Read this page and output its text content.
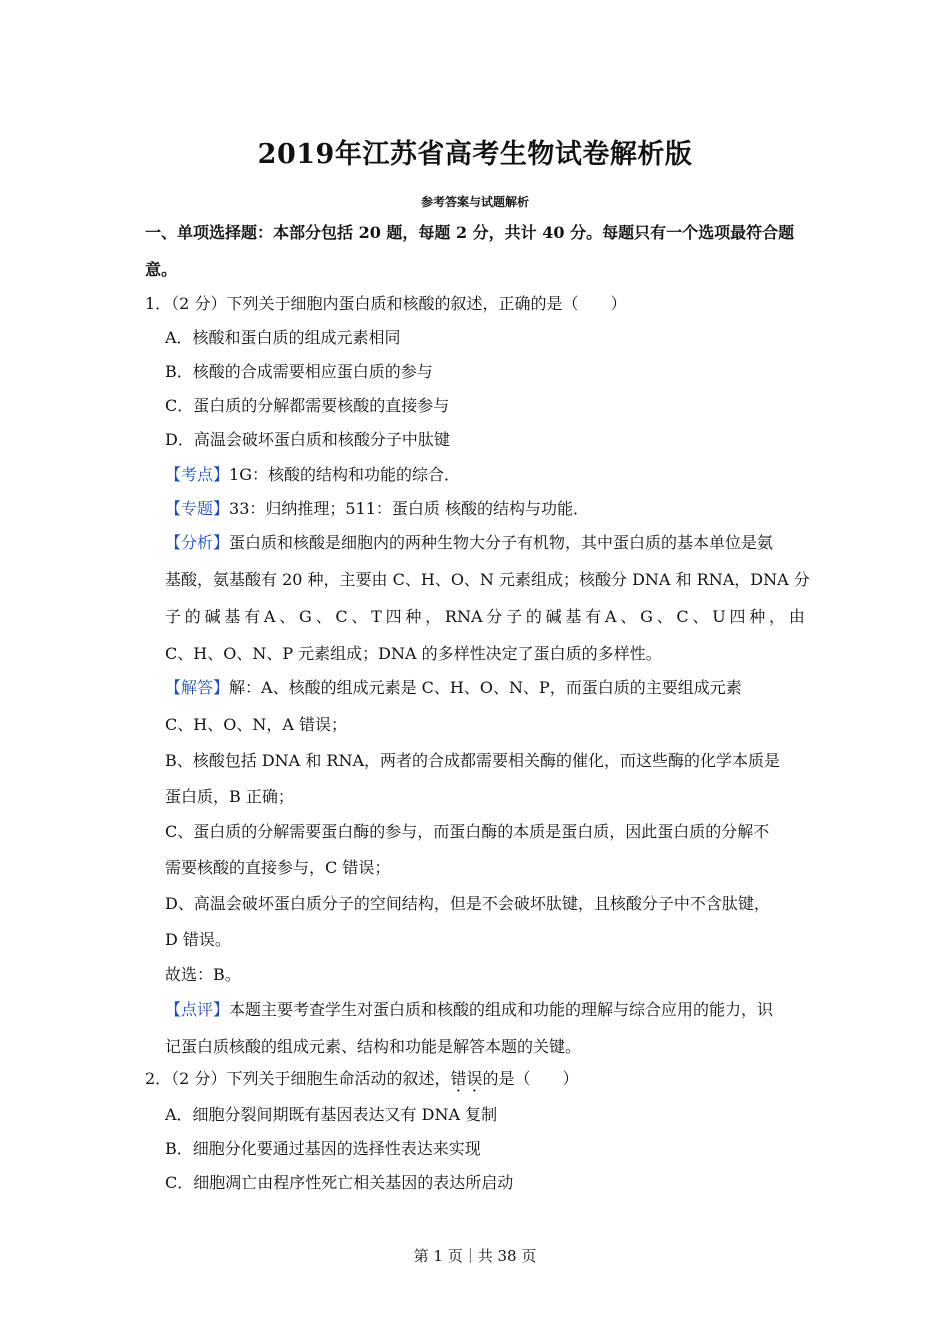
2019年江苏省高考生物试卷解析版
参考答案与试题解析
一、单项选择题：本部分包括 20 题，每题 2 分，共计 40 分。每题只有一个选项最符合题
意。
1．（2 分）下列关于细胞内蛋白质和核酸的叙述，正确的是（　　）
A．核酸和蛋白质的组成元素相同
B．核酸的合成需要相应蛋白质的参与
C．蛋白质的分解都需要核酸的直接参与
D．高温会破坏蛋白质和核酸分子中肽键
【考点】1G：核酸的结构和功能的综合．
【专题】33：归纳推理；511：蛋白质 核酸的结构与功能．
【分析】蛋白质和核酸是细胞内的两种生物大分子有机物，其中蛋白质的基本单位是氨
基酸，氨基酸有 20 种，主要由 C、H、O、N 元素组成；核酸分 DNA 和 RNA，DNA 分
子 的 碱 基 有 A 、 G 、 C 、 T 四 种 ， RNA 分 子 的 碱 基 有 A 、 G 、 C 、 U 四 种 ， 由
C、H、O、N、P 元素组成；DNA 的多样性决定了蛋白质的多样性。
【解答】解：A、核酸的组成元素是 C、H、O、N、P，而蛋白质的主要组成元素
C、H、O、N，A 错误；
B、核酸包括 DNA 和 RNA，两者的合成都需要相关酶的催化，而这些酶的化学本质是
蛋白质，B 正确；
C、蛋白质的分解需要蛋白酶的参与，而蛋白酶的本质是蛋白质，因此蛋白质的分解不
需要核酸的直接参与，C 错误；
D、高温会破坏蛋白质分子的空间结构，但是不会破坏肽键，且核酸分子中不含肽键，
D 错误。
故选：B。
【点评】本题主要考查学生对蛋白质和核酸的组成和功能的理解与综合应用的能力，识
记蛋白质核酸的组成元素、结构和功能是解答本题的关键。
2．（2 分）下列关于细胞生命活动的叙述，错误的是（　　）
A．细胞分裂间期既有基因表达又有 DNA 复制
B．细胞分化要通过基因的选择性表达来实现
C．细胞凋亡由程序性死亡相关基因的表达所启动
第 1 页｜共 38 页
